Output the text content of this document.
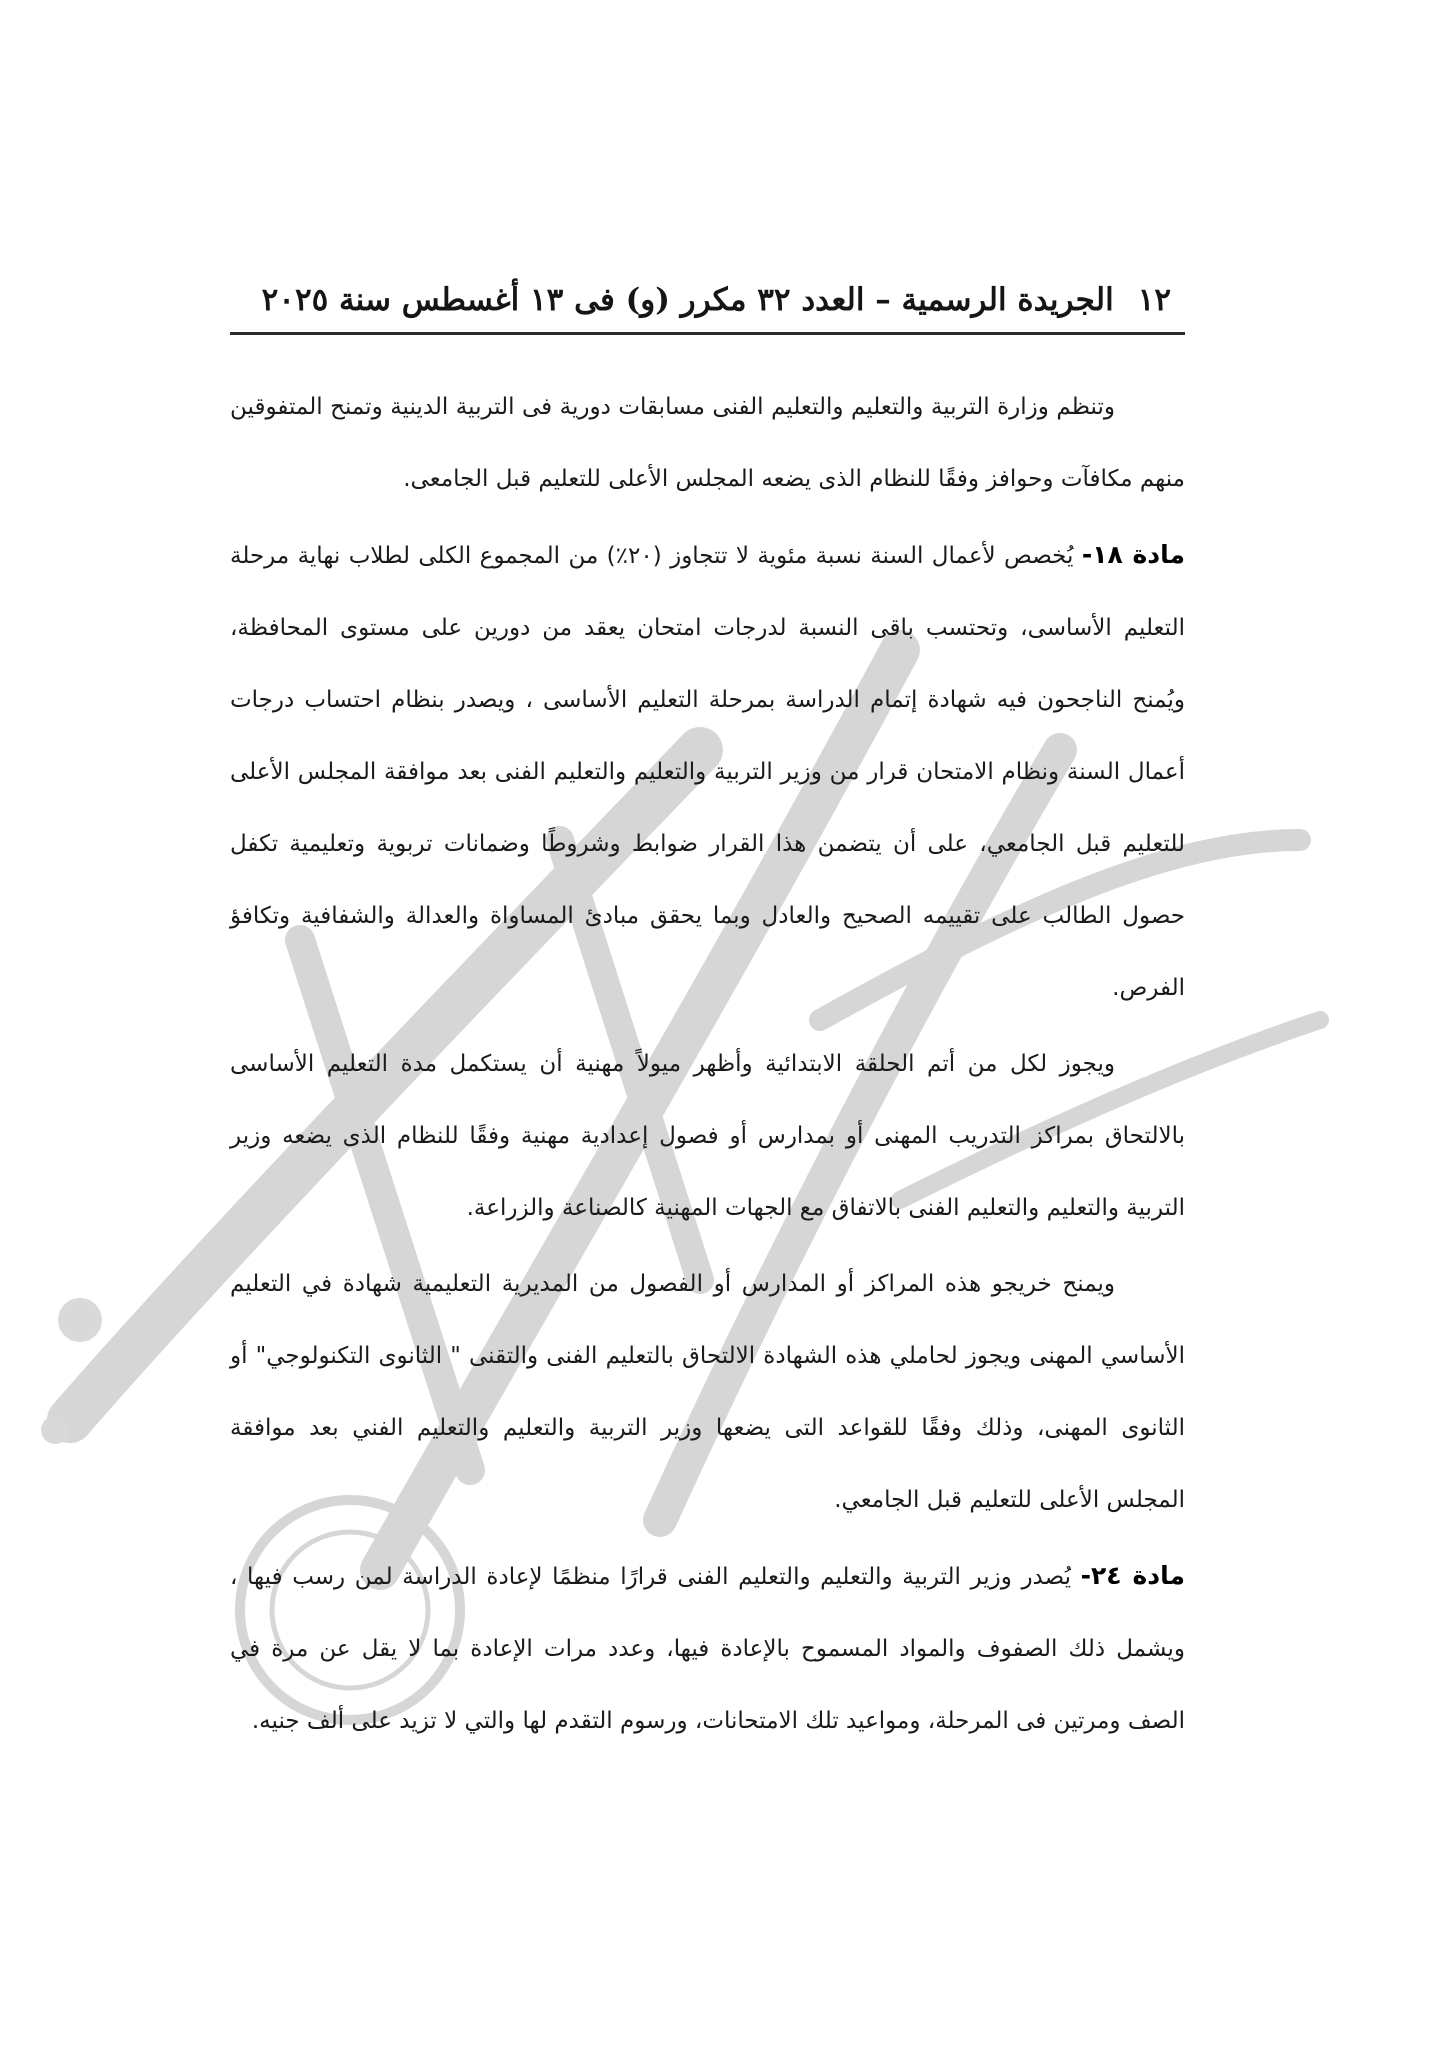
١٢
الجريدة الرسمية – العدد ٣٢ مكرر (و) فى ١٣ أغسطس سنة ٢٠٢٥

وتنظم وزارة التربية والتعليم والتعليم الفنى مسابقات دورية فى التربية الدينية وتمنح المتفوقين منهم مكافآت وحوافز وفقًا للنظام الذى يضعه المجلس الأعلى للتعليم قبل الجامعى.

مادة ١٨- يُخصص لأعمال السنة نسبة مئوية لا تتجاوز (٢٠٪) من المجموع الكلى لطلاب نهاية مرحلة التعليم الأساسى، وتحتسب باقى النسبة لدرجات امتحان يعقد من دورين على مستوى المحافظة، ويُمنح الناجحون فيه شهادة إتمام الدراسة بمرحلة التعليم الأساسى ، ويصدر بنظام احتساب درجات أعمال السنة ونظام الامتحان قرار من وزير التربية والتعليم والتعليم الفنى بعد موافقة المجلس الأعلى للتعليم قبل الجامعي، على أن يتضمن هذا القرار ضوابط وشروطًا وضمانات تربوية وتعليمية تكفل حصول الطالب على تقييمه الصحيح والعادل وبما يحقق مبادئ المساواة والعدالة والشفافية وتكافؤ الفرص.

ويجوز لكل من أتم الحلقة الابتدائية وأظهر ميولاً مهنية أن يستكمل مدة التعليم الأساسى بالالتحاق بمراكز التدريب المهنى أو بمدارس أو فصول إعدادية مهنية وفقًا للنظام الذى يضعه وزير التربية والتعليم والتعليم الفنى بالاتفاق مع الجهات المهنية كالصناعة والزراعة.

ويمنح خريجو هذه المراكز أو المدارس أو الفصول من المديرية التعليمية شهادة في التعليم الأساسي المهنى ويجوز لحاملي هذه الشهادة الالتحاق بالتعليم الفنى والتقنى " الثانوى التكنولوجي" أو الثانوى المهنى، وذلك وفقًا للقواعد التى يضعها وزير التربية والتعليم والتعليم الفني بعد موافقة المجلس الأعلى للتعليم قبل الجامعي.

مادة ٢٤- يُصدر وزير التربية والتعليم والتعليم الفنى قرارًا منظمًا لإعادة الدراسة لمن رسب فيها ، ويشمل ذلك الصفوف والمواد المسموح بالإعادة فيها، وعدد مرات الإعادة بما لا يقل عن مرة في الصف ومرتين فى المرحلة، ومواعيد تلك الامتحانات، ورسوم التقدم لها والتي لا تزيد على ألف جنيه.
